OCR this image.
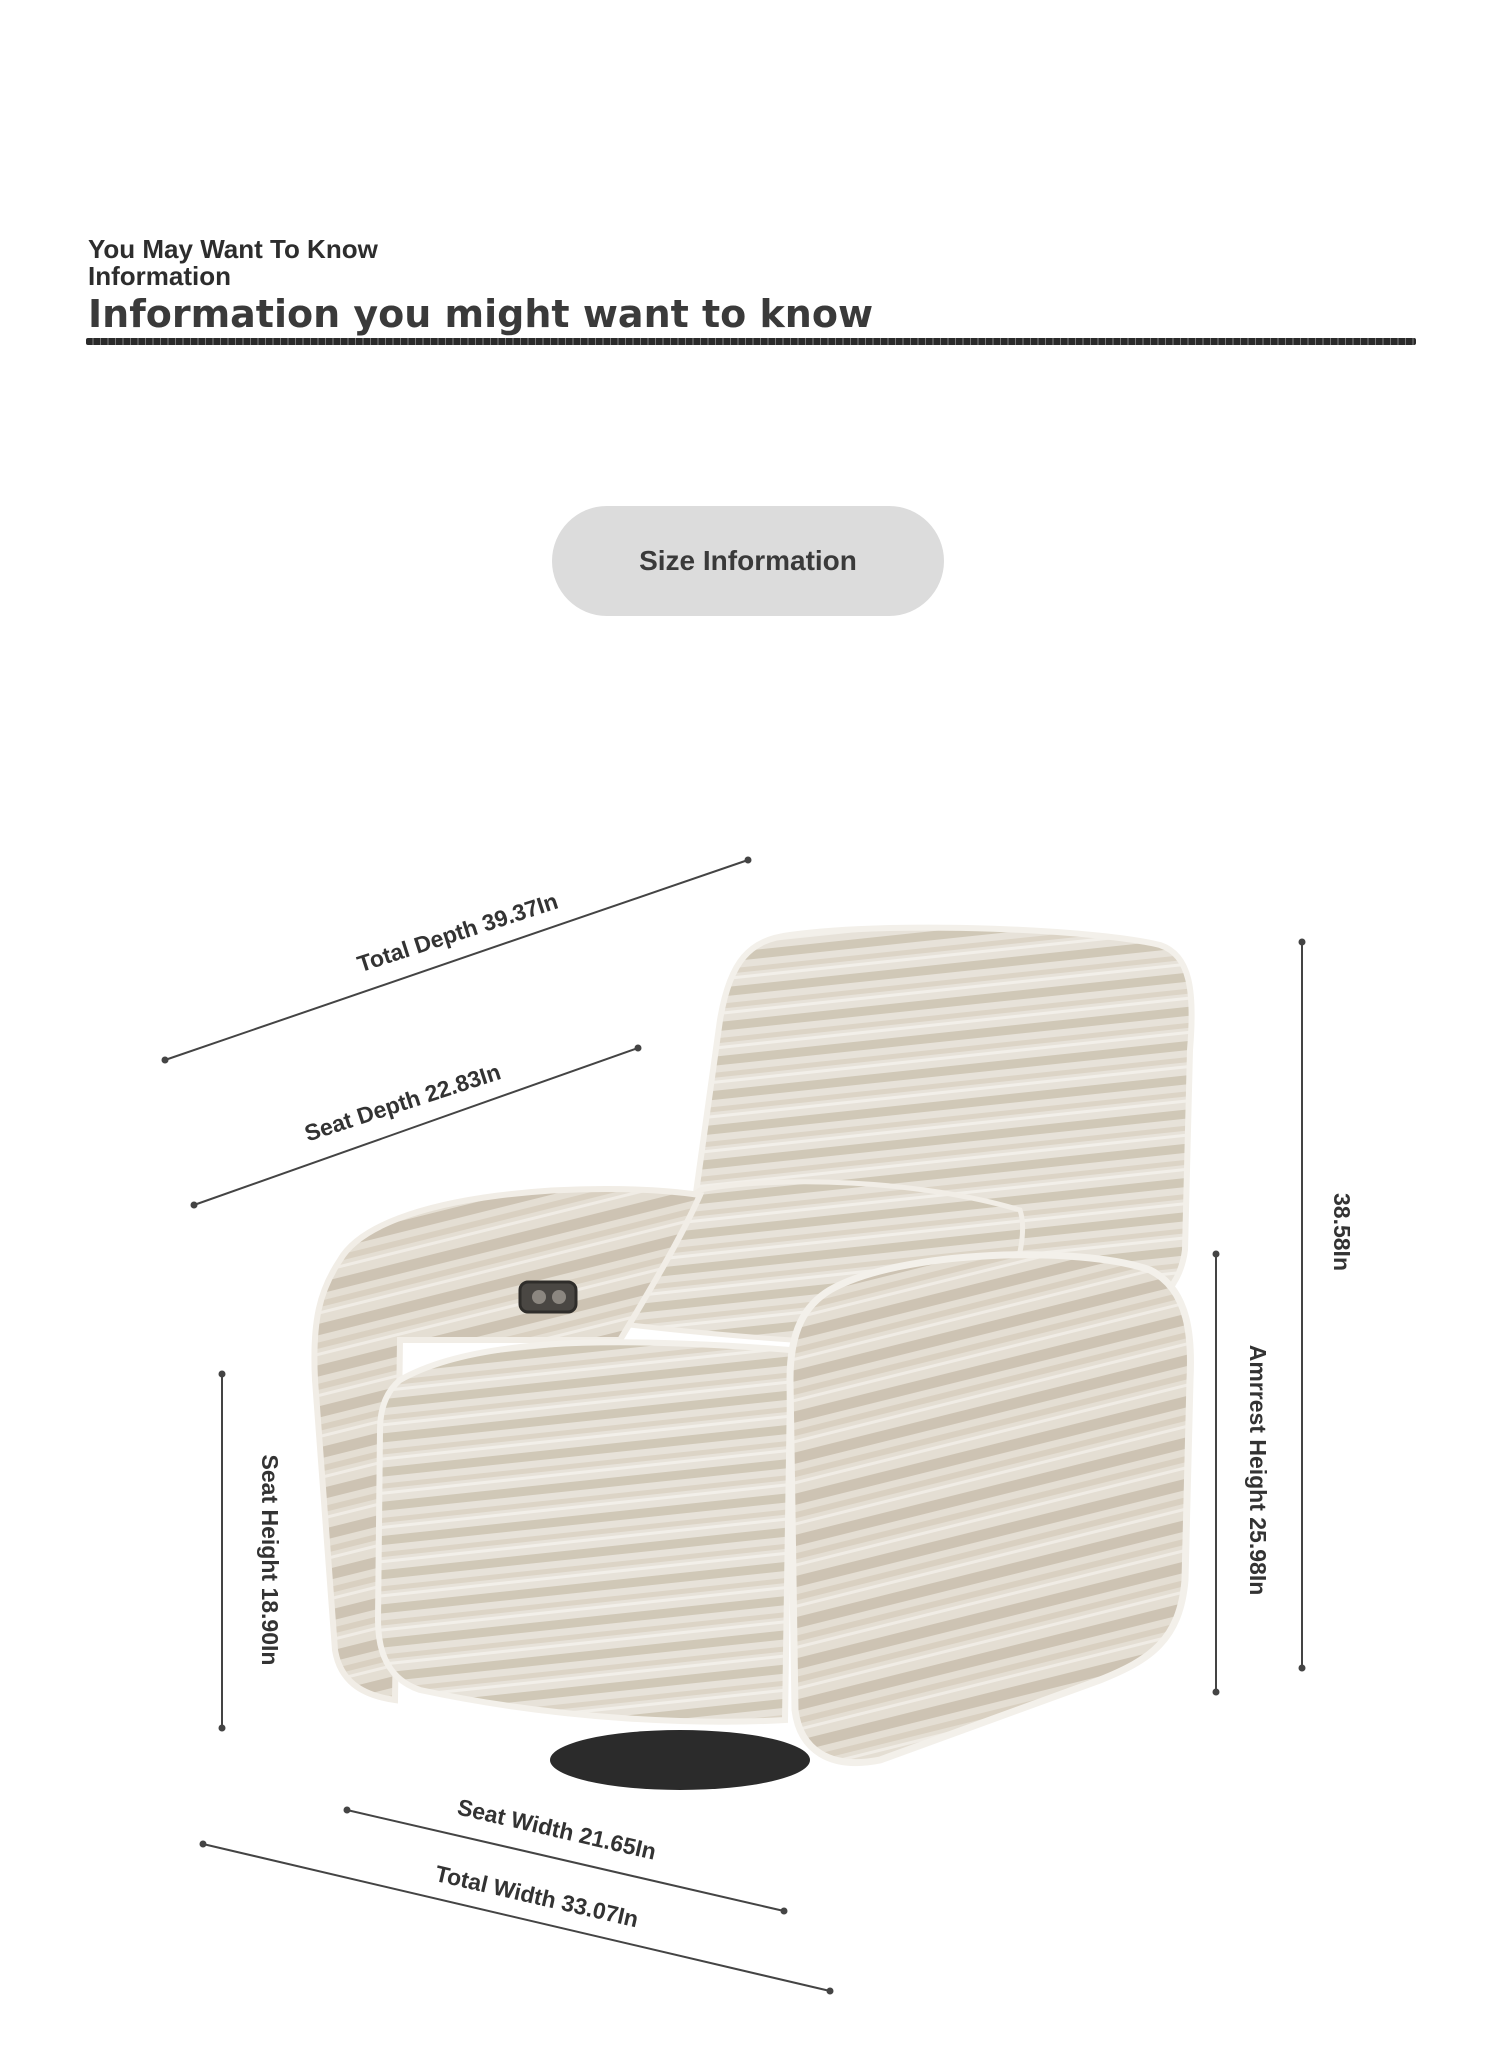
You May Want To Know
Information
Information you might want to know
Size Information
Total Depth 39.37In
Seat Depth 22.83In
38.58In
Amrrest Height 25.98In
Seat Height 18.90In
Seat Width 21.65In
Total Width 33.07In
